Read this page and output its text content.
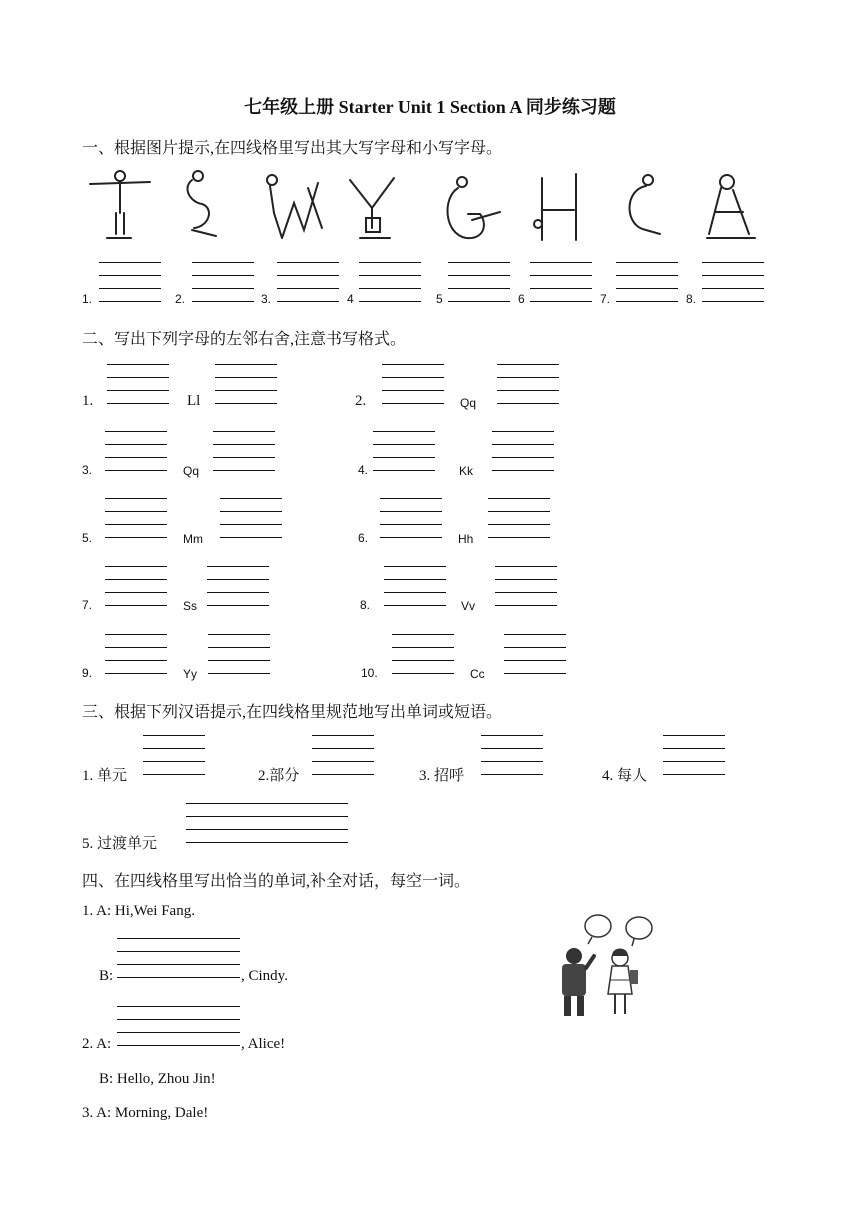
七年级上册 Starter Unit 1 Section A 同步练习题
一、根据图片提示,在四线格里写出其大写字母和小写字母。
1.	2.	3.	4	5	6	7.	8.
二、写出下列字母的左邻右舍,注意书写格式。
1.	Ll	2.	Qq
3.	Qq	4.	Kk
5.	Mm	6.	Hh
7.	Ss	8.	Vv
9.	Yy	10.	Cc
三、根据下列汉语提示,在四线格里规范地写出单词或短语。
1. 单元	2.部分	3. 招呼	4. 每人
5. 过渡单元
四、在四线格里写出恰当的单词,补全对话，每空一词。
1. A: Hi,Wei Fang.
B:	, Cindy.
2. A:	, Alice!
B: Hello, Zhou Jin!
3. A: Morning, Dale!
